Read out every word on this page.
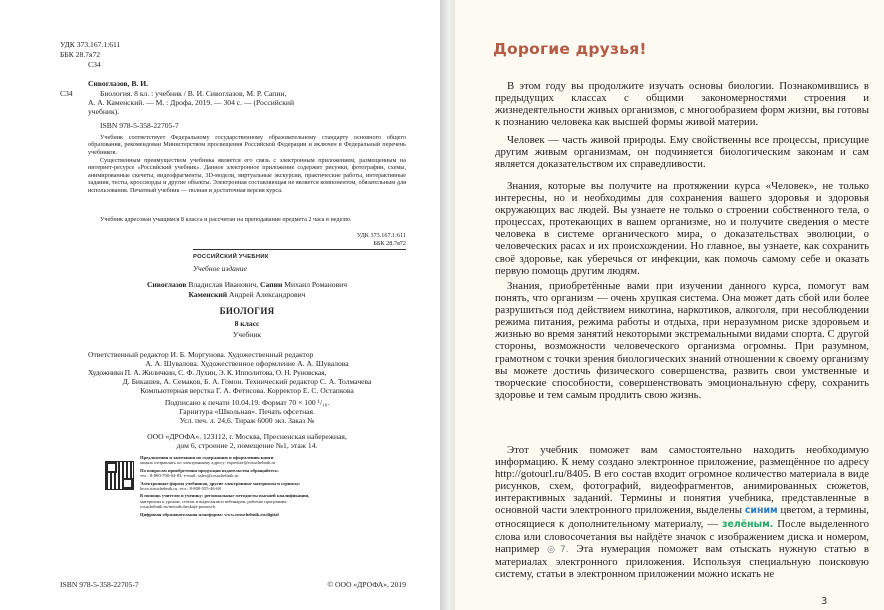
УДК 373.167.1:611

ББК 28.7я72

С34

Сивоглазов, В. И.

С34	Биология. 8 кл. : учебник / В. И. Сивоглазов, М. Р. Сапин,

А. А. Каменский. — М. : Дрофа, 2019. — 304 с. — (Российский

учебник).

ISBN 978-5-358-22705-7

Учебник соответствует Федеральному государственному образовательному стандарту основного общего образования, рекомендован Министерством просвещения Российской Федерации и включен в Федеральный перечень учебников.

Существенным преимуществом учебника является его связь с электронным приложением, размещенным на интернет-ресурсе «Российский учебник». Данное электронное приложение содержит рисунки, фотографии, схемы, анимированные скечеты, видеофрагменты, 3D-модели, виртуальные экскурсии, практические работы, интерактивные задания, тесты, кроссворды и другие объекты. Электронная составляющая не является компонентом, обязательным для использования. Печатный учебник — полная и достаточная версия курса.

Учебник адресован учащимся 8 класса и рассчитан на преподавание предмета 2 часа в неделю.

УДК 373.167.1:611

ББК 28.7я72

РОССИЙСКИЙ УЧЕБНИК

Учебное издание

Сивоглазов Владислав Иванович, Сапин Михаил Романович

Каменский Андрей Александрович

БИОЛОГИЯ

8 класс

Учебник

Ответственный редактор И. Б. Моргунова. Художественный редактор

А. А. Шувалова. Художественное оформление А. А. Шувалова

Художники П. А. Жиличкин, С. Ф. Лухин, Э. К. Ипполитова, О. Н. Руновская,

Д. Бикашев, А. Семаков, Б. А. Гомон. Технический редактор С. А. Толмачева

Компьютерная верстка Г. А. Фетисова. Корректор Е. С. Остапкова

Подписано к печати 10.04.19. Формат 70 × 100 ¹/₁₆.

Гарнитура «Школьная». Печать офсетная.

Усл. печ. л. 24,6. Тираж 6000 экз. Заказ №

ООО «ДРОФА». 123112, г. Москва, Пресненская набережная,

дом 6, строение 2, помещение №1, этаж 14.

Предложения и замечания по содержанию и оформлению книги

можно отправлять по электронному адресу: expertize@rosuchebnik.ru

По вопросам приобретения продукции издательства обращайтесь:

тел.: 8-800-700-64-83; e-mail: sales@rosuchebnik.ru

Электронные формы учебников, другие электронные материалы и сервисы:

lecta.rosuchebnik.ru, тел.: 8-800-555-46-68

В помощь учителю и ученику: региональные методисты высшей квалификации,

материалы к урокам, статьи и видеозаписи вебинаров, рабочие программы:

rosuchebnik.ru/metodicheskaja-pomosch

Цифровая образовательная платформа: www.rosuchebnik.ru/digital

ISBN 978-5-358-22705-7	© ООО «ДРОФА», 2019

Дорогие друзья!

В этом году вы продолжите изучать основы биологии. Познакомившись в предыдущих классах с общими закономерностями строения и жизнедеятельности живых организмов, с многообразием форм жизни, вы готовы к познанию человека как высшей формы живой материи.

Человек — часть живой природы. Ему свойственны все процессы, присущие другим живым организмам, он подчиняется биологическим законам и сам является доказательством их справедливости.

Знания, которые вы получите на протяжении курса «Человек», не только интересны, но и необходимы для сохранения вашего здоровья и здоровья окружающих вас людей. Вы узнаете не только о строении собственного тела, о процессах, протекающих в вашем организме, но и получите сведения о месте человека в системе органического мира, о доказательствах эволюции, о человеческих расах и их происхождении. Но главное, вы узнаете, как сохранить своё здоровье, как уберечься от инфекции, как помочь самому себе и оказать первую помощь другим людям.

Знания, приобретённые вами при изучении данного курса, помогут вам понять, что организм — очень хрупкая система. Она может дать сбой или более разрушиться под действием никотина, наркотиков, алкоголя, при несоблюдении режима питания, режима работы и отдыха, при неразумном риске здоровьем и жизнью во время занятий некоторыми экстремальными видами спорта. С другой стороны, возможности человеческого организма огромны. При разумном, грамотном с точки зрения биологических знаний отношении к своему организму вы можете достичь физического совершенства, развить свои умственные и творческие способности, совершенствовать эмоциональную сферу, сохранить здоровье и тем самым продлить свою жизнь.

Этот учебник поможет вам самостоятельно находить необходимую информацию. К нему создано электронное приложение, размещённое по адресу http://gotourl.ru/8405. В его состав входит огромное количество материала в виде рисунков, схем, фотографий, видеофрагментов, анимированных сюжетов, интерактивных заданий. Термины и понятия учебника, представленные в основной части электронного приложения, выделены синим цветом, а термины, относящиеся к дополнительному материалу, — зелёным. После выделенного слова или словосочетания вы найдёте значок с изображением диска и номером, например ◎7. Эта нумерация поможет вам отыскать нужную статью в материалах электронного приложения. Используя специальную поисковую систему, статьи в электронном приложении можно искать не

3
